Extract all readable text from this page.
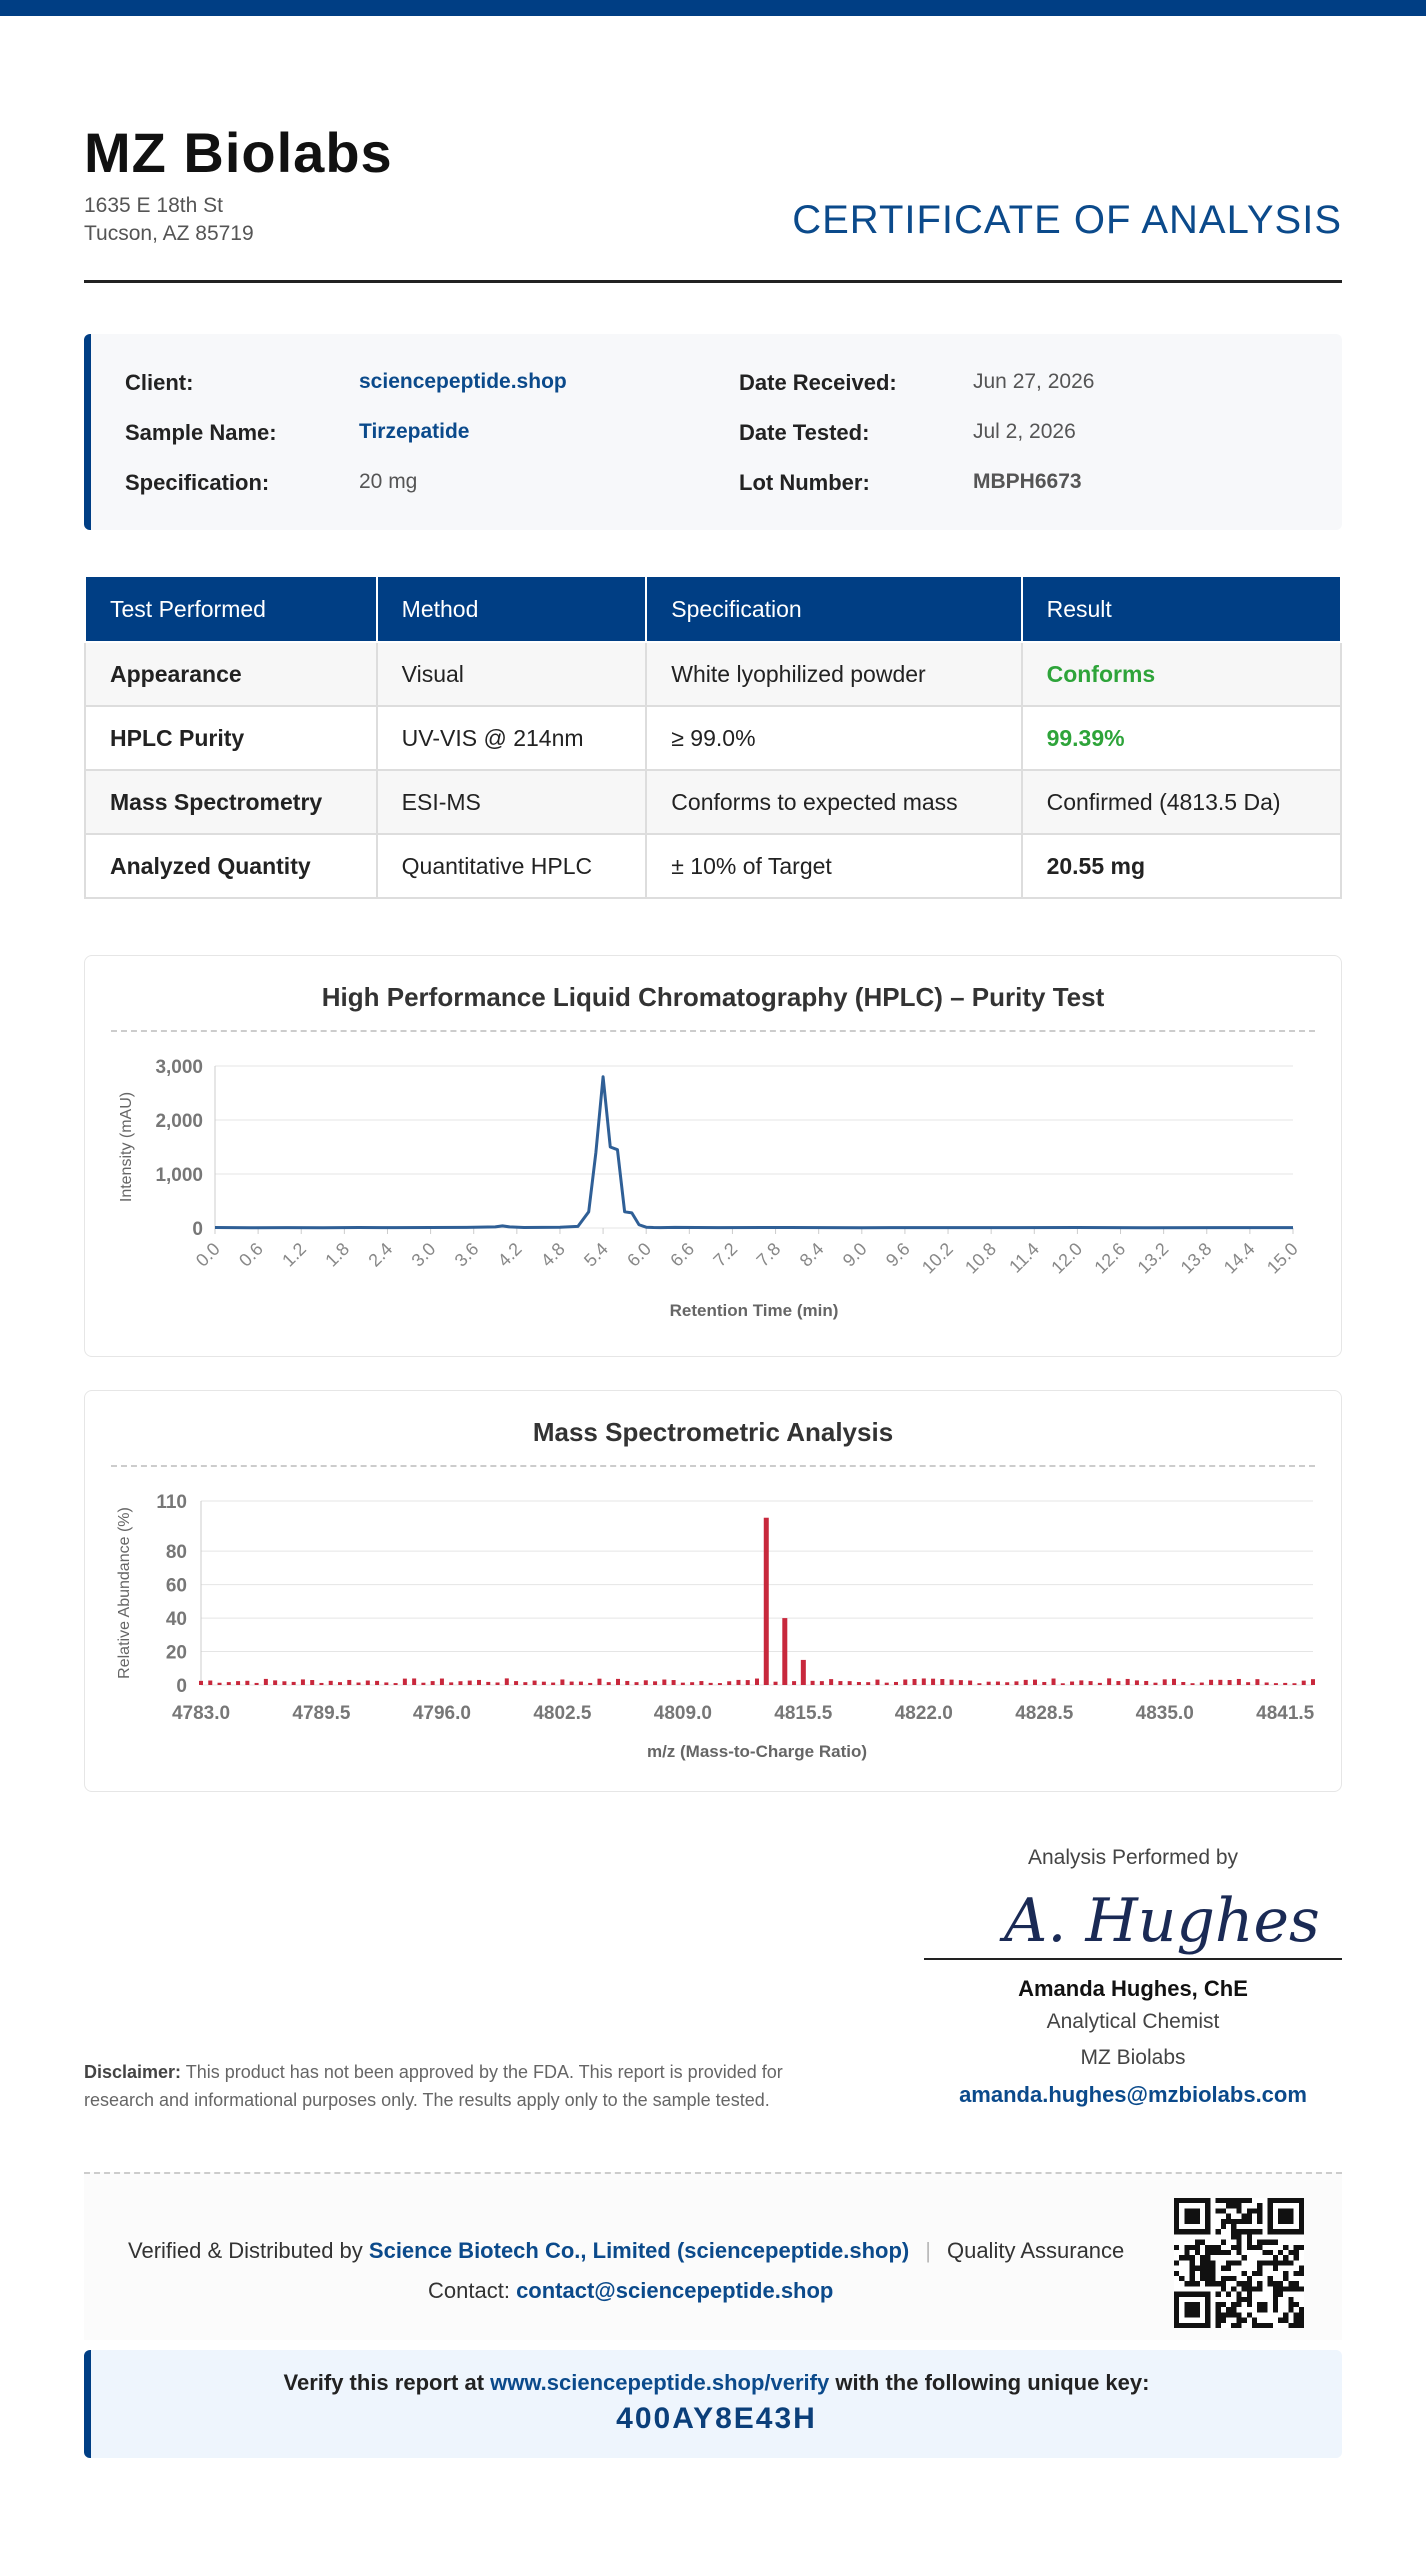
MZ Biolabs
1635 E 18th St
Tucson, AZ 85719	CERTIFICATE OF ANALYSIS
Client:	sciencepeptide.shop
Sample Name:	Tirzepatide
Specification:	20 mg
Date Received:	Jun 27, 2026
Date Tested:	Jul 2, 2026
Lot Number:	MBPH6673
Test Performed	Method	Specification	Result
Appearance	Visual	White lyophilized powder	Conforms
HPLC Purity	UV-VIS @ 214nm	≥ 99.0%	99.39%
Mass Spectrometry	ESI-MS	Conforms to expected mass	Confirmed (4813.5 Da)
Analyzed Quantity	Quantitative HPLC	± 10% of Target	20.55 mg
High Performance Liquid Chromatography (HPLC) – Purity Test
0
1,000
2,000
3,000
0.0 0.6 1.2 1.8 2.4 3.0 3.6 4.2 4.8 5.4 6.0 6.6 7.2 7.8 8.4 9.0 9.6 10.2 10.8 11.4 12.0 12.6 13.2 13.8 14.4 15.0
Retention Time (min)
Intensity (mAU)
Mass Spectrometric Analysis
0
20
40
60
80
110
4783.0	4789.5	4796.0	4802.5	4809.0	4815.5	4822.0	4828.5	4835.0	4841.5
m/z (Mass-to-Charge Ratio)
Relative Abundance (%)
Analysis Performed by
A. Hughes
Amanda Hughes, ChE
Analytical Chemist
MZ Biolabs
amanda.hughes@mzbiolabs.com
Disclaimer: This product has not been approved by the FDA. This report is provided for research and informational purposes only. The results apply only to the sample tested.
Verified & Distributed by Science Biotech Co., Limited (sciencepeptide.shop) | Quality Assurance
Contact: contact@sciencepeptide.shop
Verify this report at www.sciencepeptide.shop/verify with the following unique key:
400AY8E43H
